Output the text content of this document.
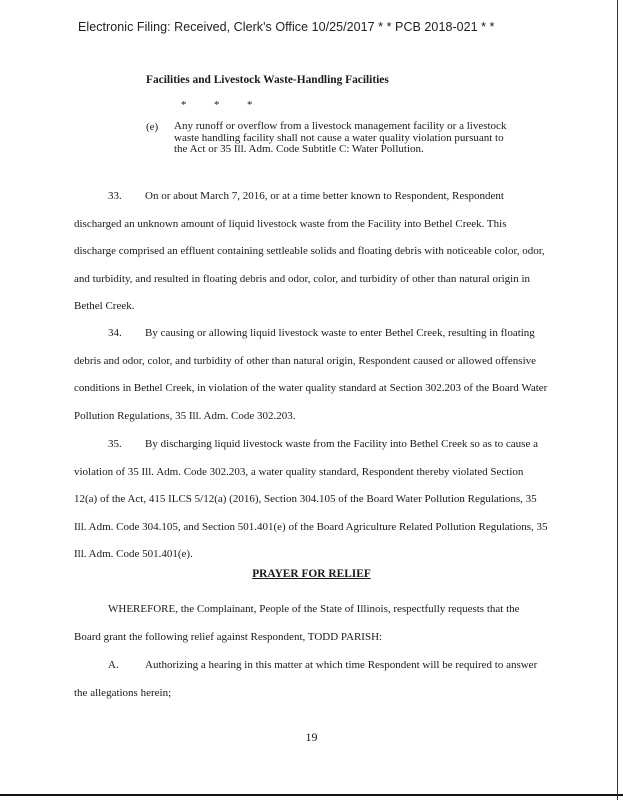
Electronic Filing: Received, Clerk's Office 10/25/2017 * * PCB 2018-021 * *
Facilities and Livestock Waste-Handling Facilities
*          *          *
(e) Any runoff or overflow from a livestock management facility or a livestock waste handling facility shall not cause a water quality violation pursuant to the Act or 35 Ill. Adm. Code Subtitle C: Water Pollution.
33. On or about March 7, 2016, or at a time better known to Respondent, Respondent discharged an unknown amount of liquid livestock waste from the Facility into Bethel Creek. This discharge comprised an effluent containing settleable solids and floating debris with noticeable color, odor, and turbidity, and resulted in floating debris and odor, color, and turbidity of other than natural origin in Bethel Creek.
34. By causing or allowing liquid livestock waste to enter Bethel Creek, resulting in floating debris and odor, color, and turbidity of other than natural origin, Respondent caused or allowed offensive conditions in Bethel Creek, in violation of the water quality standard at Section 302.203 of the Board Water Pollution Regulations, 35 Ill. Adm. Code 302.203.
35. By discharging liquid livestock waste from the Facility into Bethel Creek so as to cause a violation of 35 Ill. Adm. Code 302.203, a water quality standard, Respondent thereby violated Section 12(a) of the Act, 415 ILCS 5/12(a) (2016), Section 304.105 of the Board Water Pollution Regulations, 35 Ill. Adm. Code 304.105, and Section 501.401(e) of the Board Agriculture Related Pollution Regulations, 35 Ill. Adm. Code 501.401(e).
PRAYER FOR RELIEF
WHEREFORE, the Complainant, People of the State of Illinois, respectfully requests that the Board grant the following relief against Respondent, TODD PARISH:
A. Authorizing a hearing in this matter at which time Respondent will be required to answer the allegations herein;
19
